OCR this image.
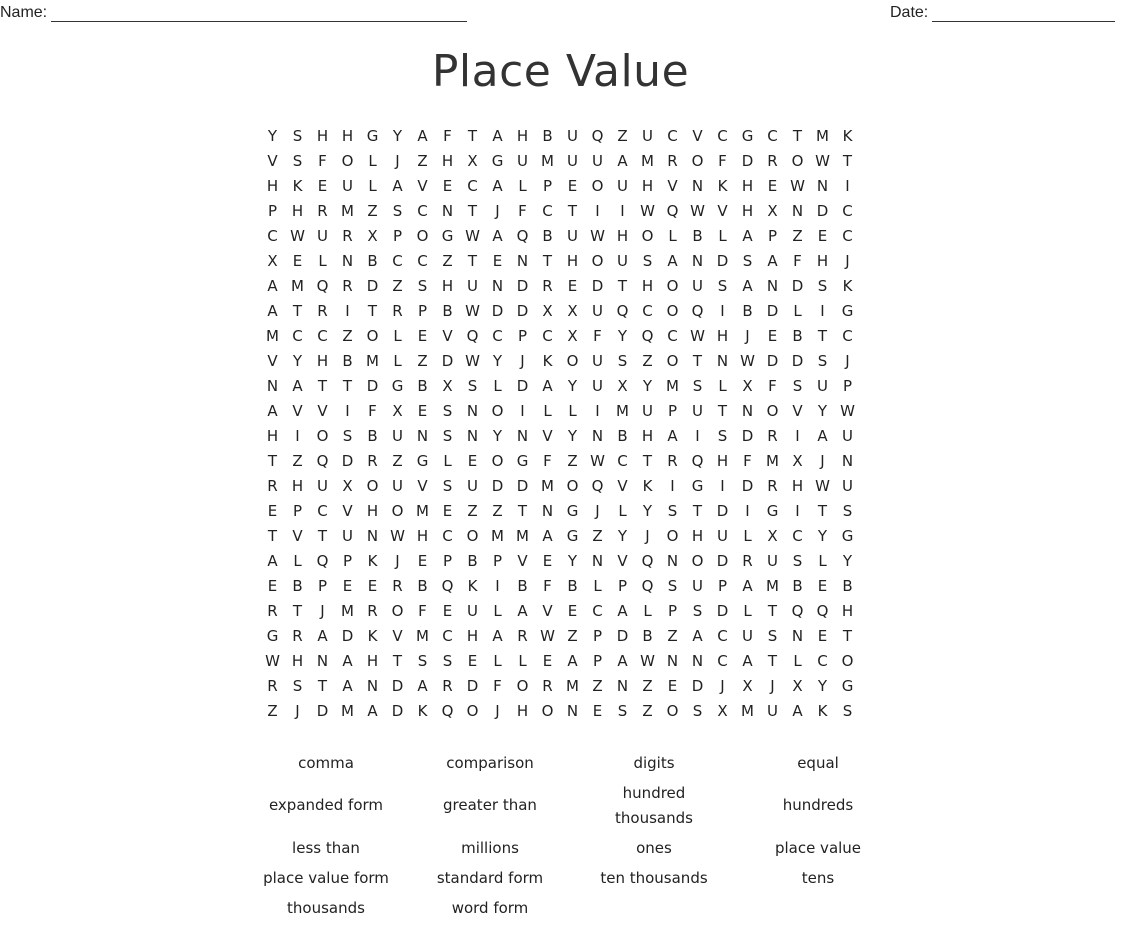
Name:	Date:
Place Value
Y	S H H G Y	A	F	T	A H B U Q Z U C V C G C	T M K
V	S	F O L	J	Z H X G U M U U A M R O F D R O W T
H K	E U	L	A V	E	C A	L	P	E O U H V N K H E W N	I
P H R M Z	S C N T	J	F	C	T	I	I	W Q W V H X N D C
C W U R X	P O G W A Q B U W H O L	B	L	A	P	Z	E	C
X	E	L	N B C C Z	T	E N T H O U S	A N D S	A	F	H	J
A M Q R D Z	S H U N D R	E D T H O U S	A N D S	K
A	T	R	I	T	R	P	B W D D X X U Q C O Q	I	B D	L	I	G
M C C Z O L	E	V Q C	P	C X	F	Y Q C W H	J	E	B	T	C
V	Y H B M L	Z D W Y	J	K O U S	Z O T N W D D S	J
N A	T	T D G B X	S	L	D A	Y U X	Y M S	L	X	F	S U P
A V V	I	F	X	E	S N O	I	L	L	I	M U P U T N O V	Y W
H	I	O S	B U N S N Y N V	Y N B H A	I	S D R	I	A U
T	Z Q D R Z G	L	E O G F	Z W C	T	R Q H	F M X	J	N
R H U X O U V	S U D D M O Q V K	I	G	I	D R H W U
E	P	C V H O M E	Z Z	T N G	J	L	Y	S	T D	I	G	I	T	S
T	V	T U N W H C O M M A G Z	Y	J	O H U	L	X C	Y G
A	L Q P	K	J	E	P	B	P	V	E	Y N V Q N O D R U S	L	Y
E	B	P	E	E	R B Q K	I	B	F	B	L	P Q S U P	A M B	E	B
R	T	J	M R O F	E U	L	A V	E	C A	L	P	S D	L	T Q Q H
G R A D K V M C H A R W Z	P D B Z A C U S N E	T
W H N A H T	S	S	E	L	L	E	A	P	A W N N C A	T	L	C O
R	S	T	A N D A R D F O R M Z N Z	E D	J	X	J	X	Y G
Z	J	D M A D K Q O	J	H O N E	S	Z O S	X M U A K	S
comma	comparison	digits	equal
expanded form	greater than
hundred
thousands
hundreds
less than	millions	ones	place value
place value form	standard form	ten thousands	tens
thousands	word form
